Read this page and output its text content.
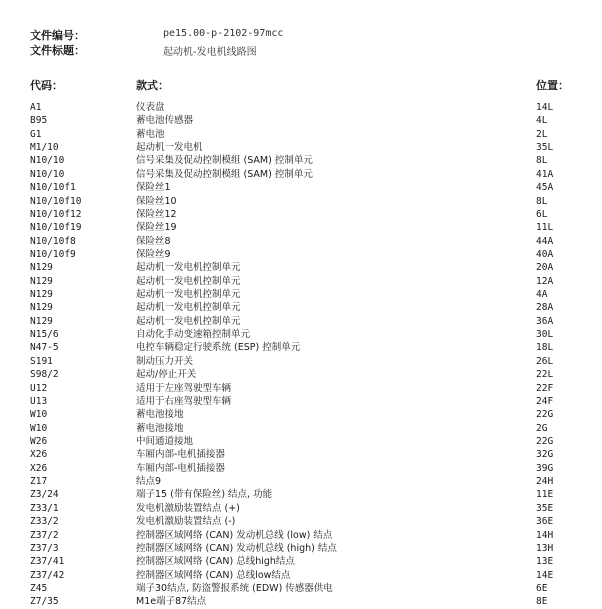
文件编号：	pe15.00-p-2102-97mcc
文件标题：	起动机-发电机线路图
代码：	款式：	位置：
A1	仪表盘	14L
B95	蓄电池传感器	4L
G1	蓄电池	2L
M1/10	起动机一发电机	35L
N10/10	信号采集及促动控制模组 (SAM) 控制单元	8L
N10/10	信号采集及促动控制模组 (SAM) 控制单元	41A
N10/10f1	保险丝1	45A
N10/10f10	保险丝10	8L
N10/10f12	保险丝12	6L
N10/10f19	保险丝19	11L
N10/10f8	保险丝8	44A
N10/10f9	保险丝9	40A
N129	起动机一发电机控制单元	20A
N129	起动机一发电机控制单元	12A
N129	起动机一发电机控制单元	4A
N129	起动机一发电机控制单元	28A
N129	起动机一发电机控制单元	36A
N15/6	自动化手动变速箱控制单元	30L
N47-5	电控车辆稳定行驶系统 (ESP) 控制单元	18L
S191	制动压力开关	26L
S98/2	起动/停止开关	22L
U12	适用于左座驾驶型车辆	22F
U13	适用于右座驾驶型车辆	24F
W10	蓄电池接地	22G
W10	蓄电池接地	2G
W26	中间通道接地	22G
X26	车厢内部-电机插接器	32G
X26	车厢内部-电机插接器	39G
Z17	结点9	24H
Z3/24	端子15 (带有保险丝) 结点, 功能	11E
Z33/1	发电机激励装置结点 (+)	35E
Z33/2	发电机激励装置结点 (-)	36E
Z37/2	控制器区域网络 (CAN) 发动机总线 (low) 结点	14H
Z37/3	控制器区域网络 (CAN) 发动机总线 (high) 结点	13H
Z37/41	控制器区域网络 (CAN) 总线high结点	13E
Z37/42	控制器区域网络 (CAN) 总线low结点	14E
Z45	端子30结点, 防盗警报系统 (EDW) 传感器供电	6E
Z7/35	M1e端子87结点	8E
